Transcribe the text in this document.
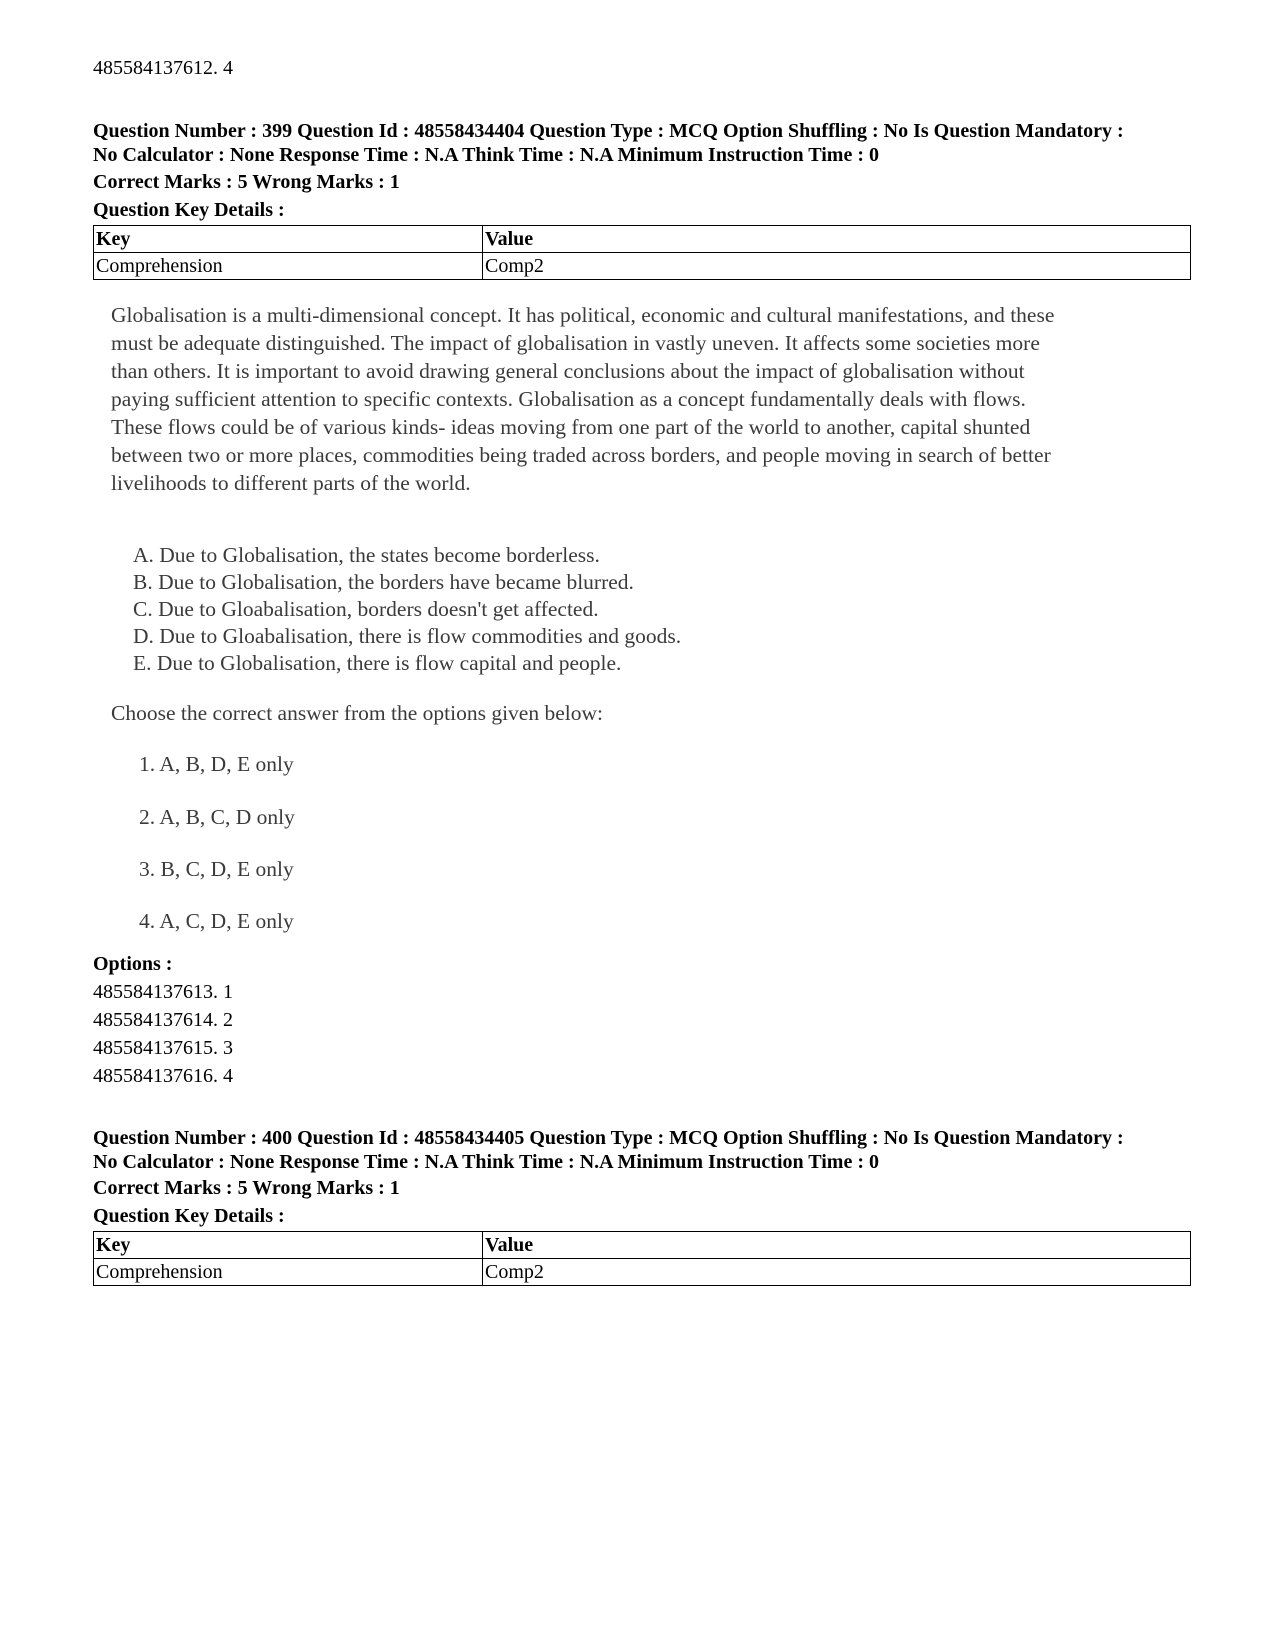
485584137612. 4
Question Number : 399 Question Id : 48558434404 Question Type : MCQ Option Shuffling : No Is Question Mandatory :
No Calculator : None Response Time : N.A Think Time : N.A Minimum Instruction Time : 0
Correct Marks : 5 Wrong Marks : 1
Question Key Details :
Key	Value
Comprehension	Comp2
Globalisation is a multi-dimensional concept. It has political, economic and cultural manifestations, and these
must be adequate distinguished. The impact of globalisation in vastly uneven. It affects some societies more
than others. It is important to avoid drawing general conclusions about the impact of globalisation without
paying sufficient attention to specific contexts. Globalisation as a concept fundamentally deals with flows.
These flows could be of various kinds- ideas moving from one part of the world to another, capital shunted
between two or more places, commodities being traded across borders, and people moving in search of better
livelihoods to different parts of the world.
A. Due to Globalisation, the states become borderless.
B. Due to Globalisation, the borders have became blurred.
C. Due to Gloabalisation, borders doesn't get affected.
D. Due to Gloabalisation, there is flow commodities and goods.
E. Due to Globalisation, there is flow capital and people.
Choose the correct answer from the options given below:
1. A, B, D, E only
2. A, B, C, D only
3. B, C, D, E only
4. A, C, D, E only
Options :
485584137613. 1
485584137614. 2
485584137615. 3
485584137616. 4
Question Number : 400 Question Id : 48558434405 Question Type : MCQ Option Shuffling : No Is Question Mandatory :
No Calculator : None Response Time : N.A Think Time : N.A Minimum Instruction Time : 0
Correct Marks : 5 Wrong Marks : 1
Question Key Details :
Key	Value
Comprehension	Comp2
